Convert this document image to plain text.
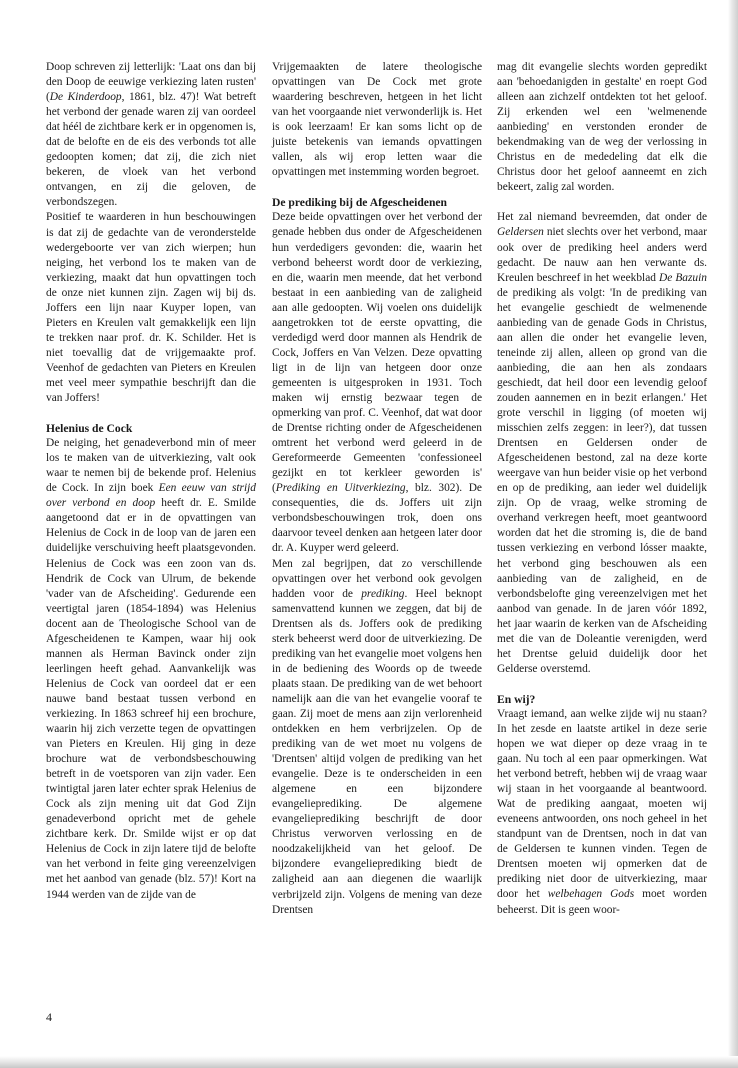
Doop schreven zij letterlijk: 'Laat ons dan bij den Doop de eeuwige verkiezing laten rusten' (De Kinderdoop, 1861, blz. 47)! Wat betreft het verbond der genade waren zij van oordeel dat héél de zichtbare kerk er in opgenomen is, dat de belofte en de eis des verbonds tot alle gedoopten komen; dat zij, die zich niet bekeren, de vloek van het verbond ontvangen, en zij die geloven, de verbondszegen.

Positief te waarderen in hun beschouwingen is dat zij de gedachte van de veronderstelde wedergeboorte ver van zich wierpen; hun neiging, het verbond los te maken van de verkiezing, maakt dat hun opvattingen toch de onze niet kunnen zijn. Zagen wij bij ds. Joffers een lijn naar Kuyper lopen, van Pieters en Kreulen valt gemakkelijk een lijn te trekken naar prof. dr. K. Schilder. Het is niet toevallig dat de vrijgemaakte prof. Veenhof de gedachten van Pieters en Kreulen met veel meer sympathie beschrijft dan die van Joffers!

Helenius de Cock

De neiging, het genadeverbond min of meer los te maken van de uitverkiezing, valt ook waar te nemen bij de bekende prof. Helenius de Cock. In zijn boek Een eeuw van strijd over verbond en doop heeft dr. E. Smilde aangetoond dat er in de opvattingen van Helenius de Cock in de loop van de jaren een duidelijke verschuiving heeft plaatsgevonden. Helenius de Cock was een zoon van ds. Hendrik de Cock van Ulrum, de bekende 'vader van de Afscheiding'. Gedurende een veertigtal jaren (1854-1894) was Helenius docent aan de Theologische School van de Afgescheidenen te Kampen, waar hij ook mannen als Herman Bavinck onder zijn leerlingen heeft gehad. Aanvankelijk was Helenius de Cock van oordeel dat er een nauwe band bestaat tussen verbond en verkiezing. In 1863 schreef hij een brochure, waarin hij zich verzette tegen de opvattingen van Pieters en Kreulen. Hij ging in deze brochure wat de verbondsbeschouwing betreft in de voetsporen van zijn vader. Een twintigtal jaren later echter sprak Helenius de Cock als zijn mening uit dat God Zijn genadeverbond opricht met de gehele zichtbare kerk. Dr. Smilde wijst er op dat Helenius de Cock in zijn latere tijd de belofte van het verbond in feite ging vereenzelvigen met het aanbod van genade (blz. 57)! Kort na 1944 werden van de zijde van de

Vrijgemaakten de latere theologische opvattingen van De Cock met grote waardering beschreven, hetgeen in het licht van het voorgaande niet verwonderlijk is. Het is ook leerzaam! Er kan soms licht op de juiste betekenis van iemands opvattingen vallen, als wij erop letten waar die opvattingen met instemming worden begroet.

De prediking bij de Afgescheidenen

Deze beide opvattingen over het verbond der genade hebben dus onder de Afgescheidenen hun verdedigers gevonden: die, waarin het verbond beheerst wordt door de verkiezing, en die, waarin men meende, dat het verbond bestaat in een aanbieding van de zaligheid aan alle gedoopten. Wij voelen ons duidelijk aangetrokken tot de eerste opvatting, die verdedigd werd door mannen als Hendrik de Cock, Joffers en Van Velzen. Deze opvatting ligt in de lijn van hetgeen door onze gemeenten is uitgesproken in 1931. Toch maken wij ernstig bezwaar tegen de opmerking van prof. C. Veenhof, dat wat door de Drentse richting onder de Afgescheidenen omtrent het verbond werd geleerd in de Gereformeerde Gemeenten 'confessioneel gezijkt en tot kerkleer geworden is' (Prediking en Uitverkiezing, blz. 302). De consequenties, die ds. Joffers uit zijn verbondsbeschouwingen trok, doen ons daarvoor teveel denken aan hetgeen later door dr. A. Kuyper werd geleerd.

Men zal begrijpen, dat zo verschillende opvattingen over het verbond ook gevolgen hadden voor de prediking. Heel beknopt samenvattend kunnen we zeggen, dat bij de Drentsen als ds. Joffers ook de prediking sterk beheerst werd door de uitverkiezing. De prediking van het evangelie moet volgens hen in de bediening des Woords op de tweede plaats staan. De prediking van de wet behoort namelijk aan die van het evangelie vooraf te gaan. Zij moet de mens aan zijn verlorenheid ontdekken en hem verbrijzelen. Op de prediking van de wet moet nu volgens de 'Drentsen' altijd volgen de prediking van het evangelie. Deze is te onderscheiden in een algemene en een bijzondere evangelieprediking. De algemene evangelieprediking beschrijft de door Christus verworven verlossing en de noodzakelijkheid van het geloof. De bijzondere evangelieprediking biedt de zaligheid aan aan diegenen die waarlijk verbrijzeld zijn. Volgens de mening van deze Drentsen

mag dit evangelie slechts worden gepredikt aan 'behoedanigden in gestalte' en roept God alleen aan zichzelf ontdekten tot het geloof. Zij erkenden wel een 'welmenende aanbieding' en verstonden eronder de bekendmaking van de weg der verlossing in Christus en de mededeling dat elk die Christus door het geloof aanneemt en zich bekeert, zalig zal worden.

Het zal niemand bevreemden, dat onder de Geldersen niet slechts over het verbond, maar ook over de prediking heel anders werd gedacht. De nauw aan hen verwante ds. Kreulen beschreef in het weekblad De Bazuin de prediking als volgt: 'In de prediking van het evangelie geschiedt de welmenende aanbieding van de genade Gods in Christus, aan allen die onder het evangelie leven, teneinde zij allen, alleen op grond van die aanbieding, die aan hen als zondaars geschiedt, dat heil door een levendig geloof zouden aannemen en in bezit erlangen.' Het grote verschil in ligging (of moeten wij misschien zelfs zeggen: in leer?), dat tussen Drentsen en Geldersen onder de Afgescheidenen bestond, zal na deze korte weergave van hun beider visie op het verbond en op de prediking, aan ieder wel duidelijk zijn. Op de vraag, welke stroming de overhand verkregen heeft, moet geantwoord worden dat het die stroming is, die de band tussen verkiezing en verbond lósser maakte, het verbond ging beschouwen als een aanbieding van de zaligheid, en de verbondsbelofte ging vereenzelvigen met het aanbod van genade. In de jaren vóór 1892, het jaar waarin de kerken van de Afscheiding met die van de Doleantie verenigden, werd het Drentse geluid duidelijk door het Gelderse overstemd.

En wij?

Vraagt iemand, aan welke zijde wij nu staan? In het zesde en laatste artikel in deze serie hopen we wat dieper op deze vraag in te gaan. Nu toch al een paar opmerkingen. Wat het verbond betreft, hebben wij de vraag waar wij staan in het voorgaande al beantwoord. Wat de prediking aangaat, moeten wij eveneens antwoorden, ons noch geheel in het standpunt van de Drentsen, noch in dat van de Geldersen te kunnen vinden. Tegen de Drentsen moeten wij opmerken dat de prediking niet door de uitverkiezing, maar door het welbehagen Gods moet worden beheerst. Dit is geen woor-

4
